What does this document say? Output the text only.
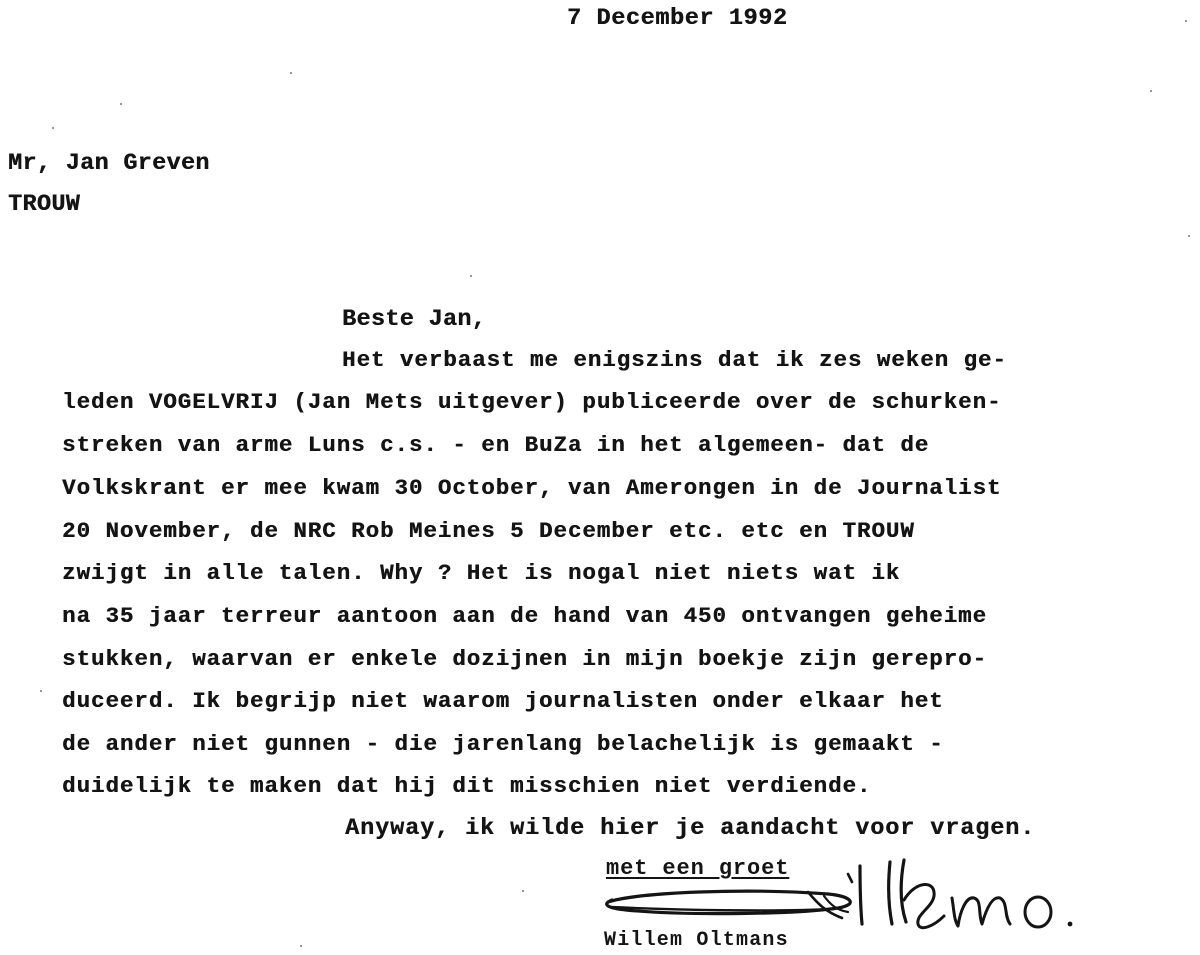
7 December 1992
Mr, Jan Greven
TROUW
Beste Jan,
Het verbaast me enigszins dat ik zes weken ge-
leden VOGELVRIJ (Jan Mets uitgever) publiceerde over de schurken-
streken van arme Luns c.s. - en BuZa in het algemeen- dat de
Volkskrant er mee kwam 30 October, van Amerongen in de Journalist
20 November, de NRC Rob Meines 5 December etc. etc en TROUW
zwijgt in alle talen. Why ? Het is nogal niet niets wat ik
na 35 jaar terreur aantoon aan de hand van 450 ontvangen geheime
stukken, waarvan er enkele dozijnen in mijn boekje zijn gerepro-
duceerd. Ik begrijp niet waarom journalisten onder elkaar het
de ander niet gunnen - die jarenlang belachelijk is gemaakt -
duidelijk te maken dat hij dit misschien niet verdiende.
Anyway, ik wilde hier je aandacht voor vragen.
met een groet
Willem Oltmans
